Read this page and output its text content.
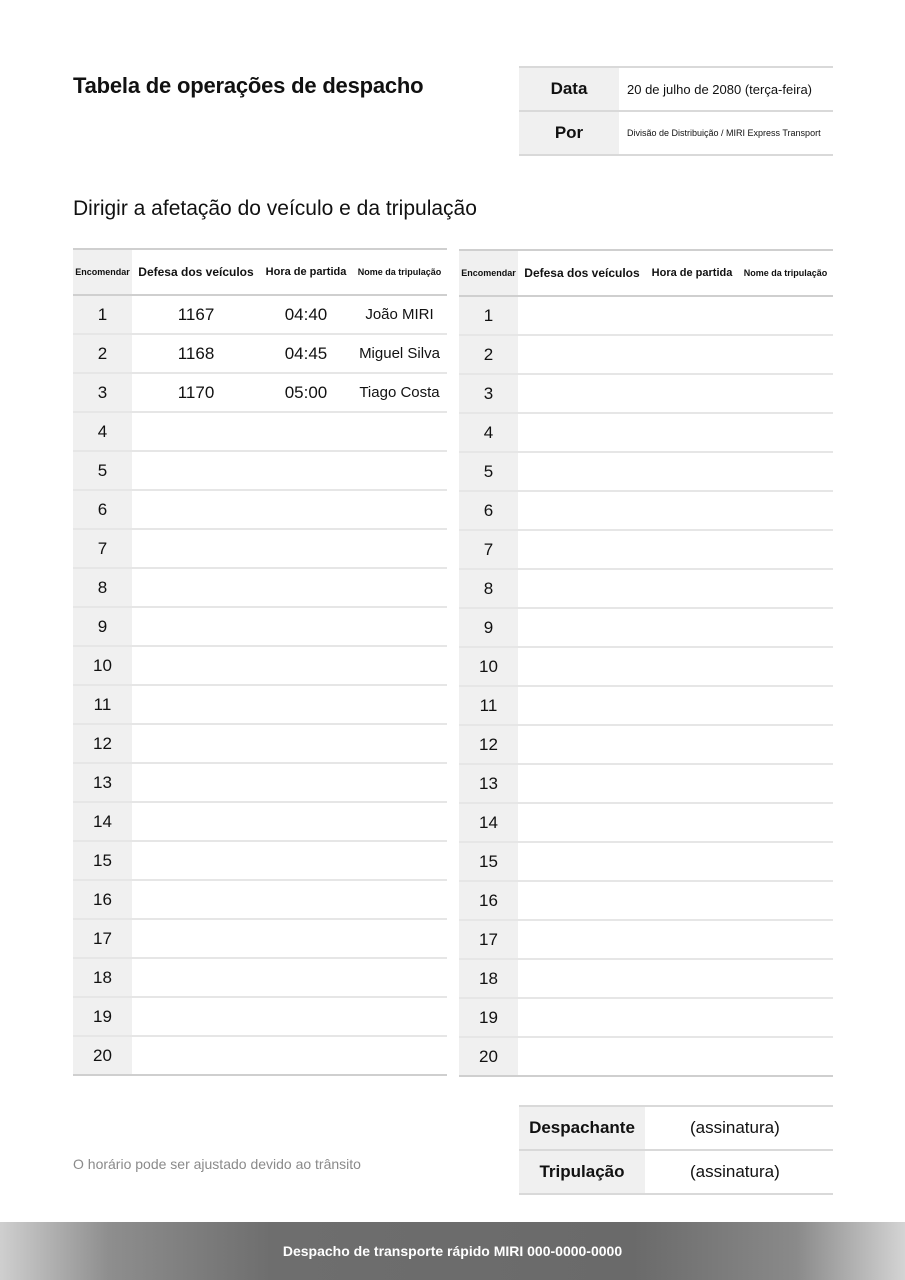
Tabela de operações de despacho	Data	20 de julho de 2080 (terça-feira)
Por	Divisão de Distribuição / MIRI Express Transport
Dirigir a afetação do veículo e da tripulação
Encomendar	Defesa dos veículos	Hora de partida	Nome da tripulação
1	1167	04:40	João MIRI
2	1168	04:45	Miguel Silva
3	1170	05:00	Tiago Costa
4			
5			
6			
7			
8			
9			
10			
11			
12			
13			
14			
15			
16			
17			
18			
19			
20			
Encomendar	Defesa dos veículos	Hora de partida	Nome da tripulação
1			
2			
3			
4			
5			
6			
7			
8			
9			
10			
11			
12			
13			
14			
15			
16			
17			
18			
19			
20			
O horário pode ser ajustado devido ao trânsito
Despachante	(assinatura)
Tripulação	(assinatura)
Despacho de transporte rápido MIRI 000-0000-0000
